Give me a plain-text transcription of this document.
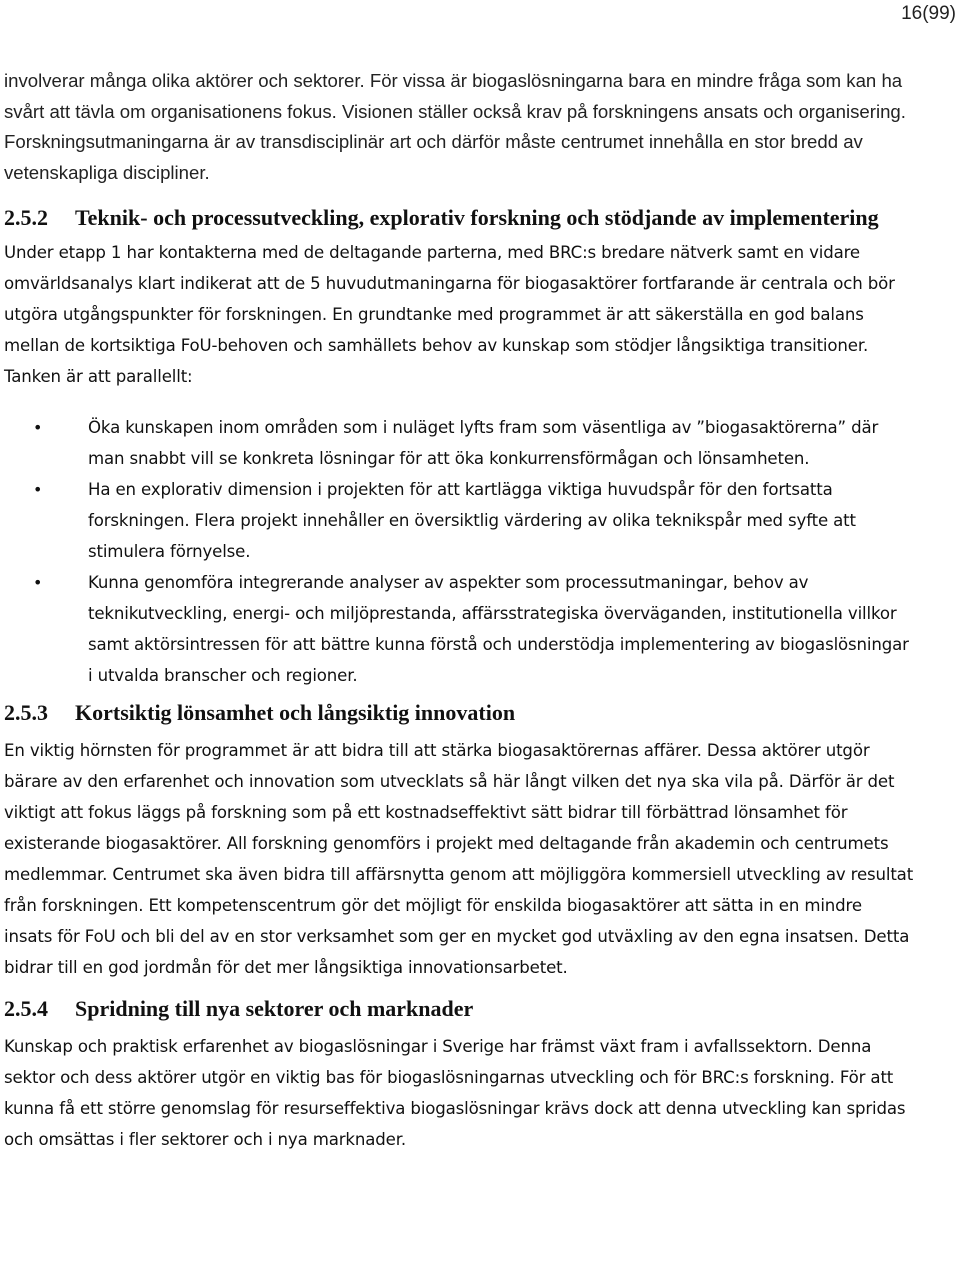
16(99)

involverar många olika aktörer och sektorer. För vissa är biogaslösningarna bara en mindre fråga som kan ha svårt att tävla om organisationens fokus. Visionen ställer också krav på forskningens ansats och organisering. Forskningsutmaningarna är av transdisciplinär art och därför måste centrumet innehålla en stor bredd av vetenskapliga discipliner.

2.5.2	Teknik- och processutveckling, explorativ forskning och stödjande av implementering

Under etapp 1 har kontakterna med de deltagande parterna, med BRC:s bredare nätverk samt en vidare omvärldsanalys klart indikerat att de 5 huvudutmaningarna för biogasaktörer fortfarande är centrala och bör utgöra utgångspunkter för forskningen. En grundtanke med programmet är att säkerställa en god balans mellan de kortsiktiga FoU-behoven och samhällets behov av kunskap som stödjer långsiktiga transitioner. Tanken är att parallellt:

•	Öka kunskapen inom områden som i nuläget lyfts fram som väsentliga av ”biogasaktörerna” där man snabbt vill se konkreta lösningar för att öka konkurrensförmågan och lönsamheten.
•	Ha en explorativ dimension i projekten för att kartlägga viktiga huvudspår för den fortsatta forskningen. Flera projekt innehåller en översiktlig värdering av olika teknikspår med syfte att stimulera förnyelse.
•	Kunna genomföra integrerande analyser av aspekter som processutmaningar, behov av teknikutveckling, energi- och miljöprestanda, affärsstrategiska överväganden, institutionella villkor samt aktörsintressen för att bättre kunna förstå och understödja implementering av biogaslösningar i utvalda branscher och regioner.
2.5.3	Kortsiktig lönsamhet och långsiktig innovation

En viktig hörnsten för programmet är att bidra till att stärka biogasaktörernas affärer. Dessa aktörer utgör bärare av den erfarenhet och innovation som utvecklats så här långt vilken det nya ska vila på. Därför är det viktigt att fokus läggs på forskning som på ett kostnadseffektivt sätt bidrar till förbättrad lönsamhet för existerande biogasaktörer. All forskning genomförs i projekt med deltagande från akademin och centrumets medlemmar. Centrumet ska även bidra till affärsnytta genom att möjliggöra kommersiell utveckling av resultat från forskningen. Ett kompetenscentrum gör det möjligt för enskilda biogasaktörer att sätta in en mindre insats för FoU och bli del av en stor verksamhet som ger en mycket god utväxling av den egna insatsen. Detta bidrar till en god jordmån för det mer långsiktiga innovationsarbetet.

2.5.4	Spridning till nya sektorer och marknader

Kunskap och praktisk erfarenhet av biogaslösningar i Sverige har främst växt fram i avfallssektorn. Denna sektor och dess aktörer utgör en viktig bas för biogaslösningarnas utveckling och för BRC:s forskning. För att kunna få ett större genomslag för resurseffektiva biogaslösningar krävs dock att denna utveckling kan spridas och omsättas i fler sektorer och i nya marknader.
